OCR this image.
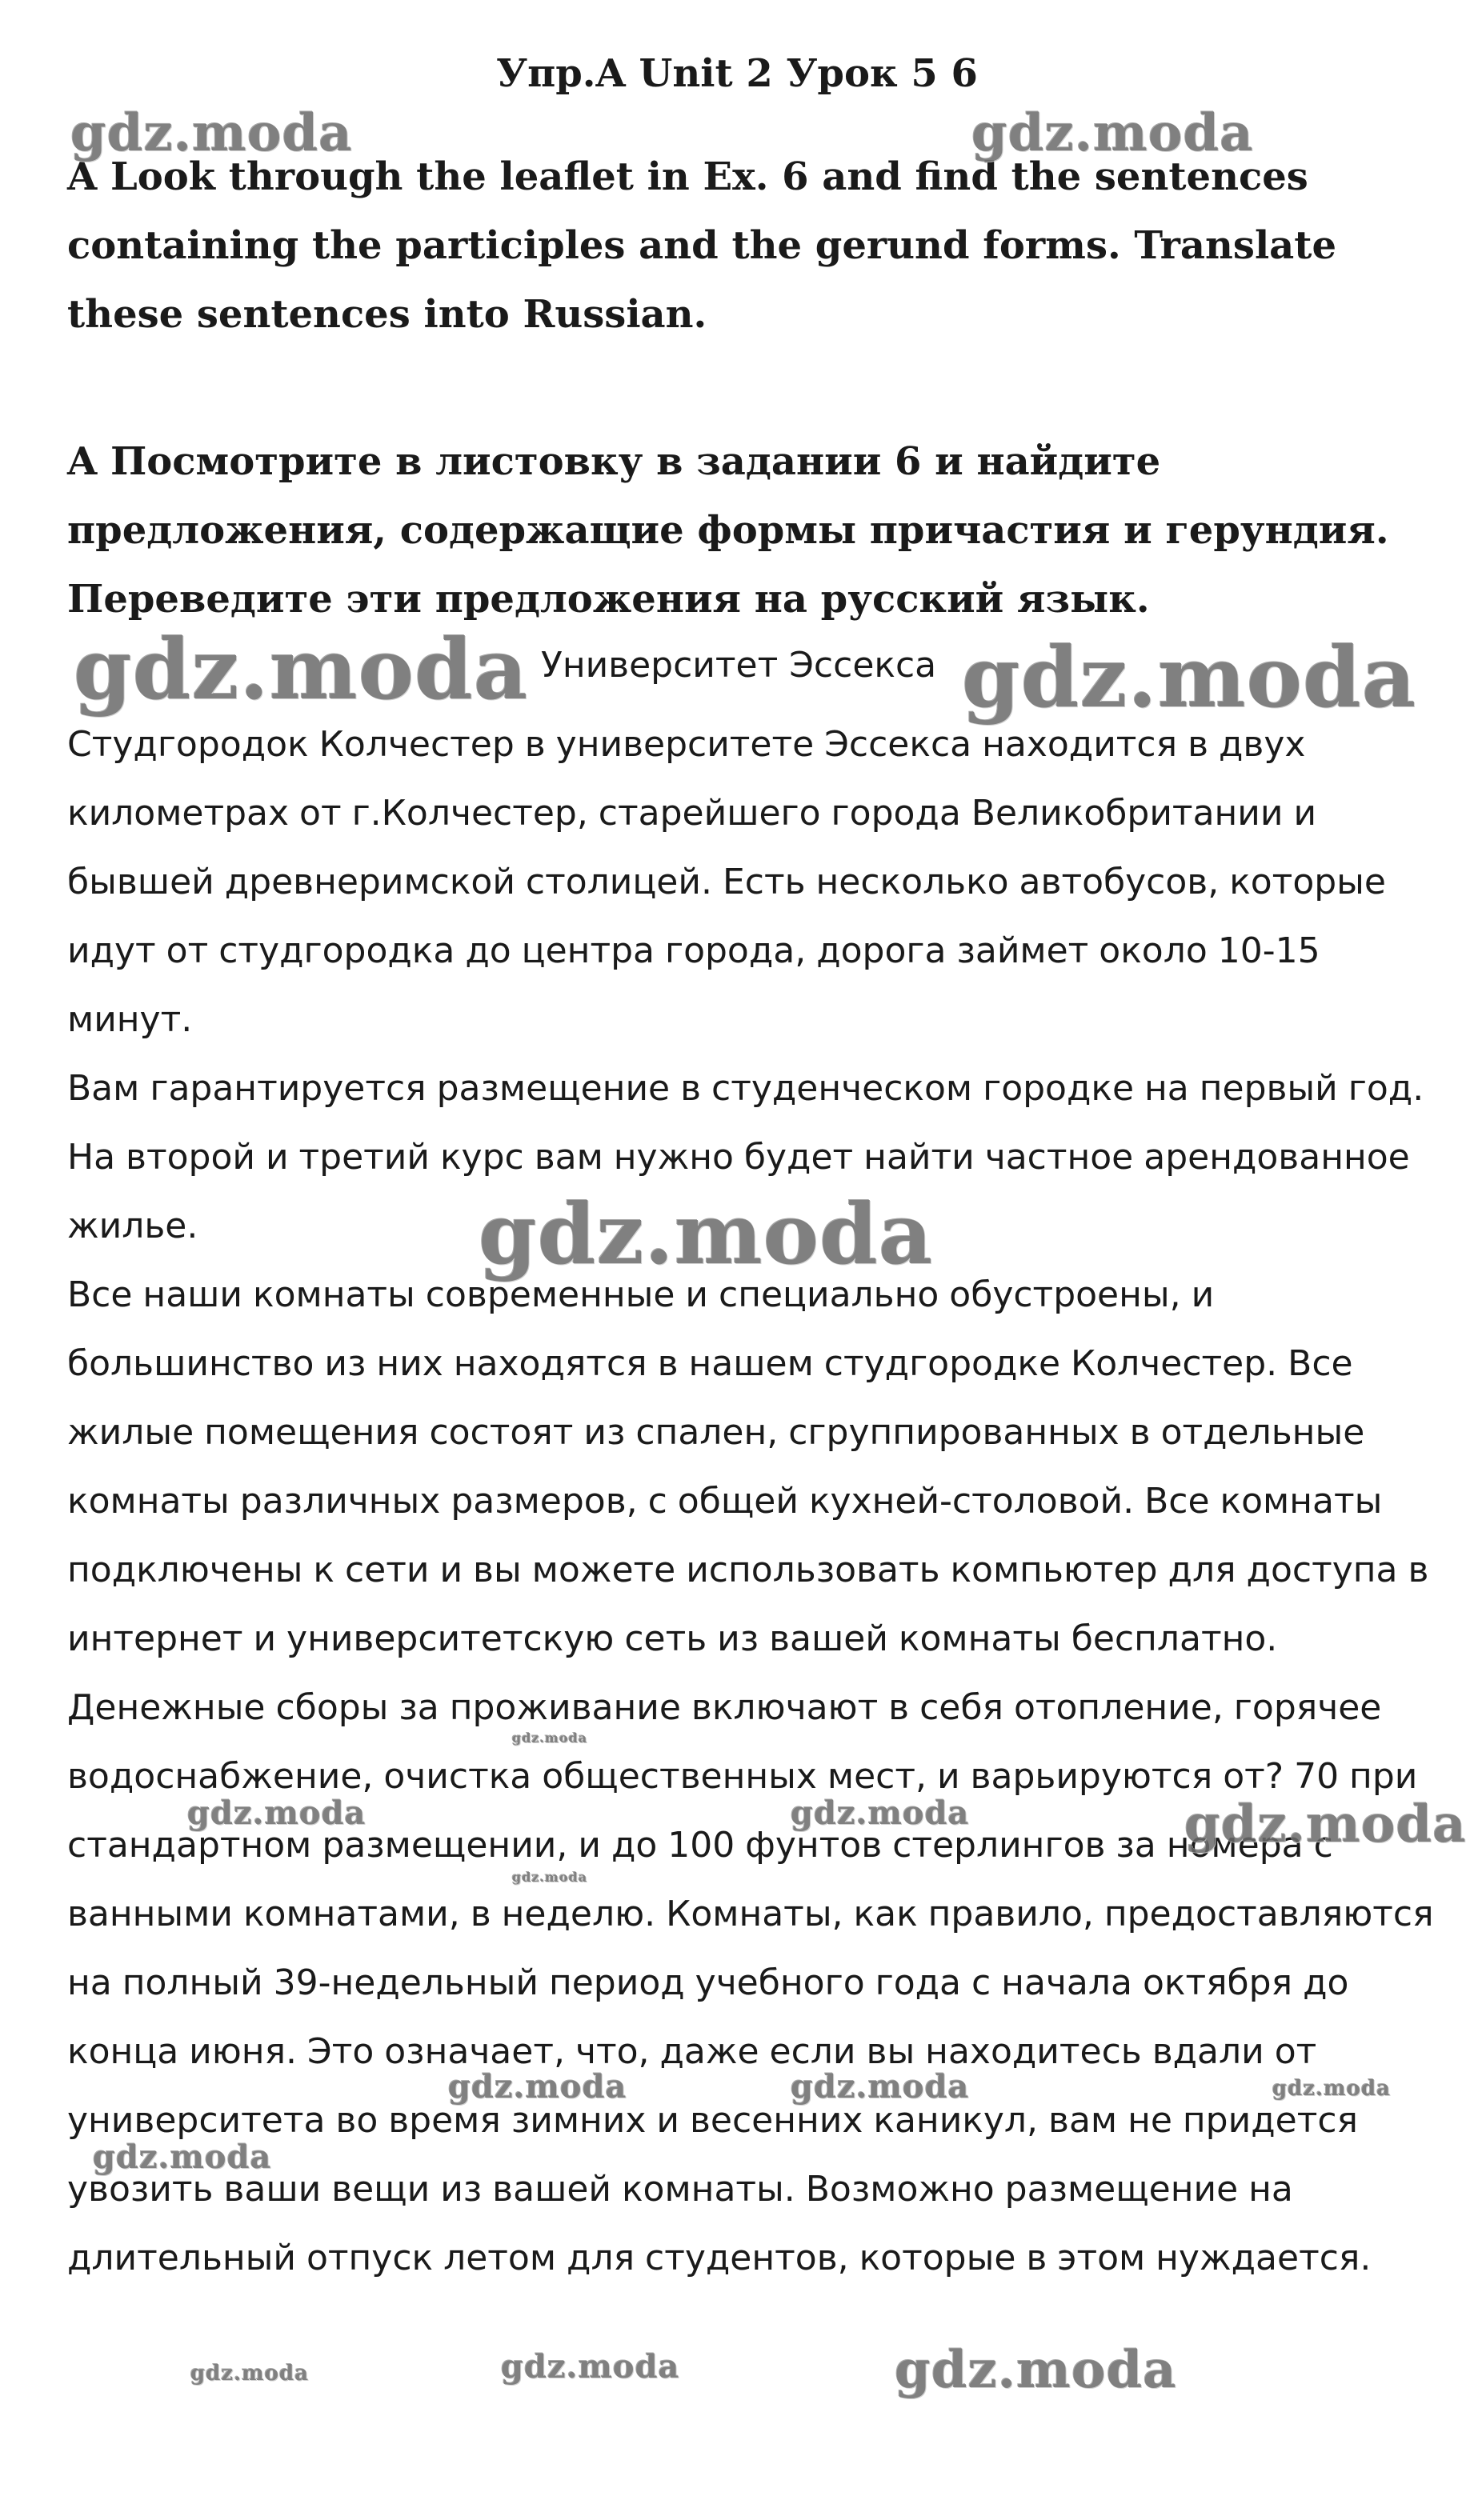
Упр.A Unit 2 Урок 5 6

A Look through the leaflet in Ex. 6 and find the sentences containing the participles and the gerund forms. Translate these sentences into Russian.

A Посмотрите в листовку в задании 6 и найдите предложения, содержащие формы причастия и герундия. Переведите эти предложения на русский язык.

Университет Эссекса

Студгородок Колчестер в университете Эссекса находится в двух километрах от г.Колчестер, старейшего города Великобритании и бывшей древнеримской столицей. Есть несколько автобусов, которые идут от студгородка до центра города, дорога займет около 10-15 минут.

Вам гарантируется размещение в студенческом городке на первый год. На второй и третий курс вам нужно будет найти частное арендованное жилье.

Все наши комнаты современные и специально обустроены, и большинство из них находятся в нашем студгородке Колчестер. Все жилые помещения состоят из спален, сгруппированных в отдельные комнаты различных размеров, с общей кухней-столовой. Все комнаты подключены к сети и вы можете использовать компьютер для доступа в интернет и университетскую сеть из вашей комнаты бесплатно.

Денежные сборы за проживание включают в себя отопление, горячее водоснабжение, очистка общественных мест, и варьируются от? 70 при стандартном размещении, и до 100 фунтов стерлингов за номера с ванными комнатами, в неделю. Комнаты, как правило, предоставляются на полный 39-недельный период учебного года с начала октября до конца июня. Это означает, что, даже если вы находитесь вдали от университета во время зимних и весенних каникул, вам не придется увозить ваши вещи из вашей комнаты. Возможно размещение на длительный отпуск летом для студентов, которые в этом нуждается.

gdz.moda	gdz.moda
gdz.moda	gdz.moda
gdz.moda
gdz.moda
gdz.moda	gdz.moda	gdz.moda
gdz.moda
gdz.moda	gdz.moda	gdz.moda
gdz.moda
gdz.moda	gdz.moda	gdz.moda
